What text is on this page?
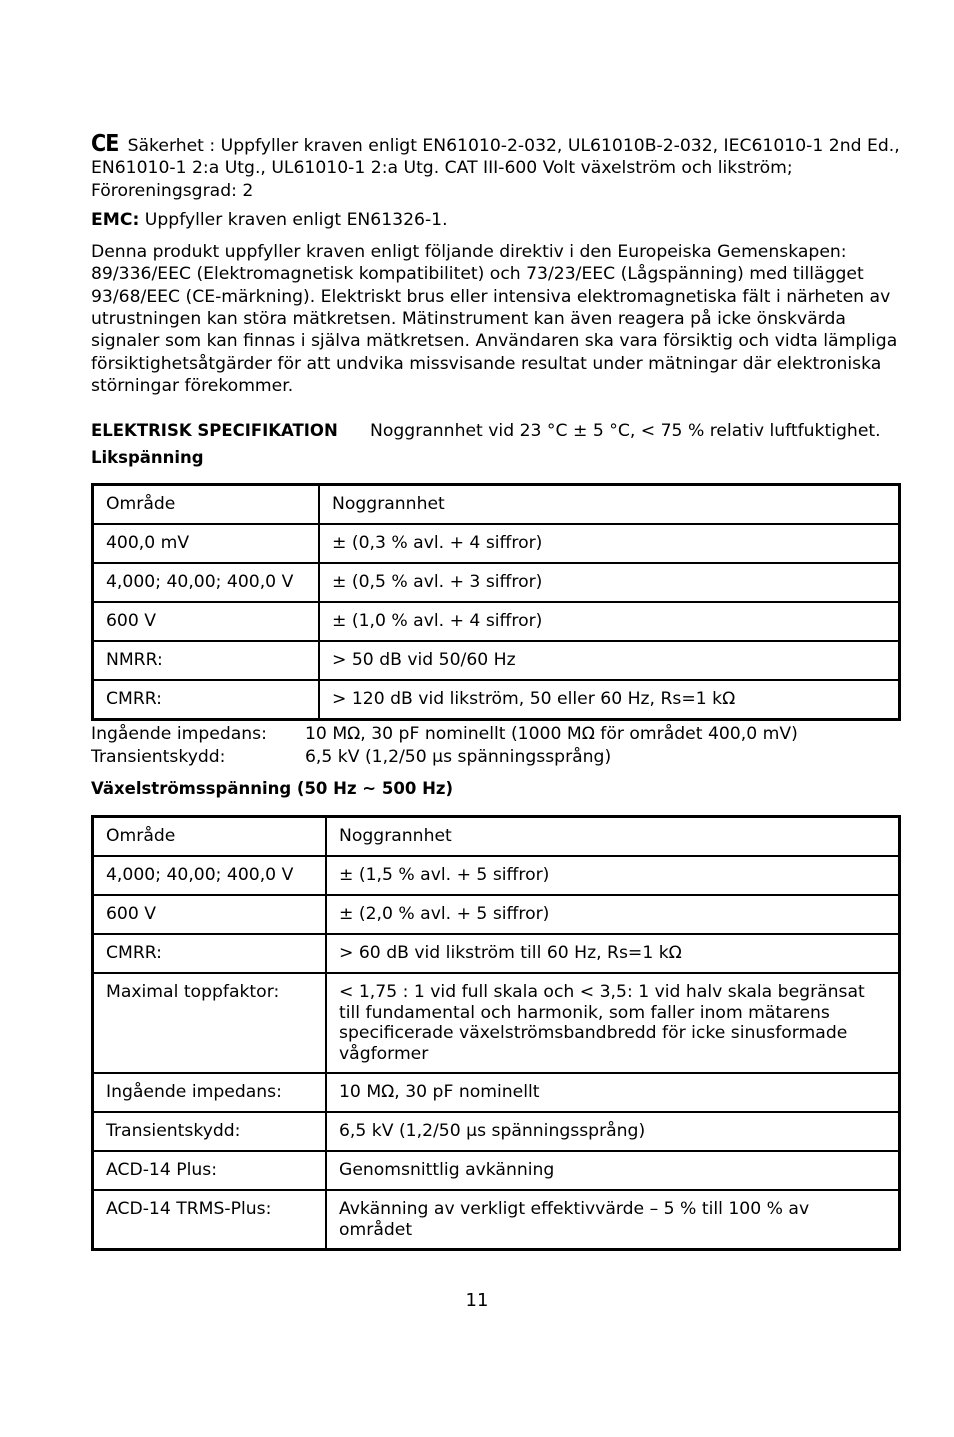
CE Säkerhet : Uppfyller kraven enligt EN61010-2-032, UL61010B-2-032, IEC61010-1 2nd Ed., EN61010-1 2:a Utg., UL61010-1 2:a Utg. CAT III-600 Volt växelström och likström; Föroreningsgrad: 2

EMC: Uppfyller kraven enligt EN61326-1.

Denna produkt uppfyller kraven enligt följande direktiv i den Europeiska Gemenskapen: 89/336/EEC (Elektromagnetisk kompatibilitet) och 73/23/EEC (Lågspänning) med tillägget 93/68/EEC (CE-märkning). Elektriskt brus eller intensiva elektromagnetiska fält i närheten av utrustningen kan störa mätkretsen. Mätinstrument kan även reagera på icke önskvärda signaler som kan finnas i själva mätkretsen. Användaren ska vara försiktig och vidta lämpliga försiktighetsåtgärder för att undvika missvisande resultat under mätningar där elektroniska störningar förekommer.

ELEKTRISK SPECIFIKATION	Noggrannhet vid 23 °C ± 5 °C, < 75 % relativ luftfuktighet.
Likspänning
Område	Noggrannhet
400,0 mV	± (0,3 % avl. + 4 siffror)
4,000; 40,00; 400,0 V	± (0,5 % avl. + 3 siffror)
600 V	± (1,0 % avl. + 4 siffror)
NMRR:	> 50 dB vid 50/60 Hz
CMRR:	> 120 dB vid likström, 50 eller 60 Hz, Rs=1 kΩ
Ingående impedans:	10 MΩ, 30 pF nominellt (1000 MΩ för området 400,0 mV)
Transientskydd:	6,5 kV (1,2/50 µs spänningssprång)
Växelströmsspänning (50 Hz ~ 500 Hz)
Område	Noggrannhet
4,000; 40,00; 400,0 V	± (1,5 % avl. + 5 siffror)
600 V	± (2,0 % avl. + 5 siffror)
CMRR:	> 60 dB vid likström till 60 Hz, Rs=1 kΩ
Maximal toppfaktor:	< 1,75 : 1 vid full skala och < 3,5: 1 vid halv skala begränsat till fundamental och harmonik, som faller inom mätarens specificerade växelströmsbandbredd för icke sinusformade vågformer
Ingående impedans:	10 MΩ, 30 pF nominellt
Transientskydd:	6,5 kV (1,2/50 µs spänningssprång)
ACD-14 Plus:	Genomsnittlig avkänning
ACD-14 TRMS-Plus:	Avkänning av verkligt effektivvärde – 5 % till 100 % av området
11
